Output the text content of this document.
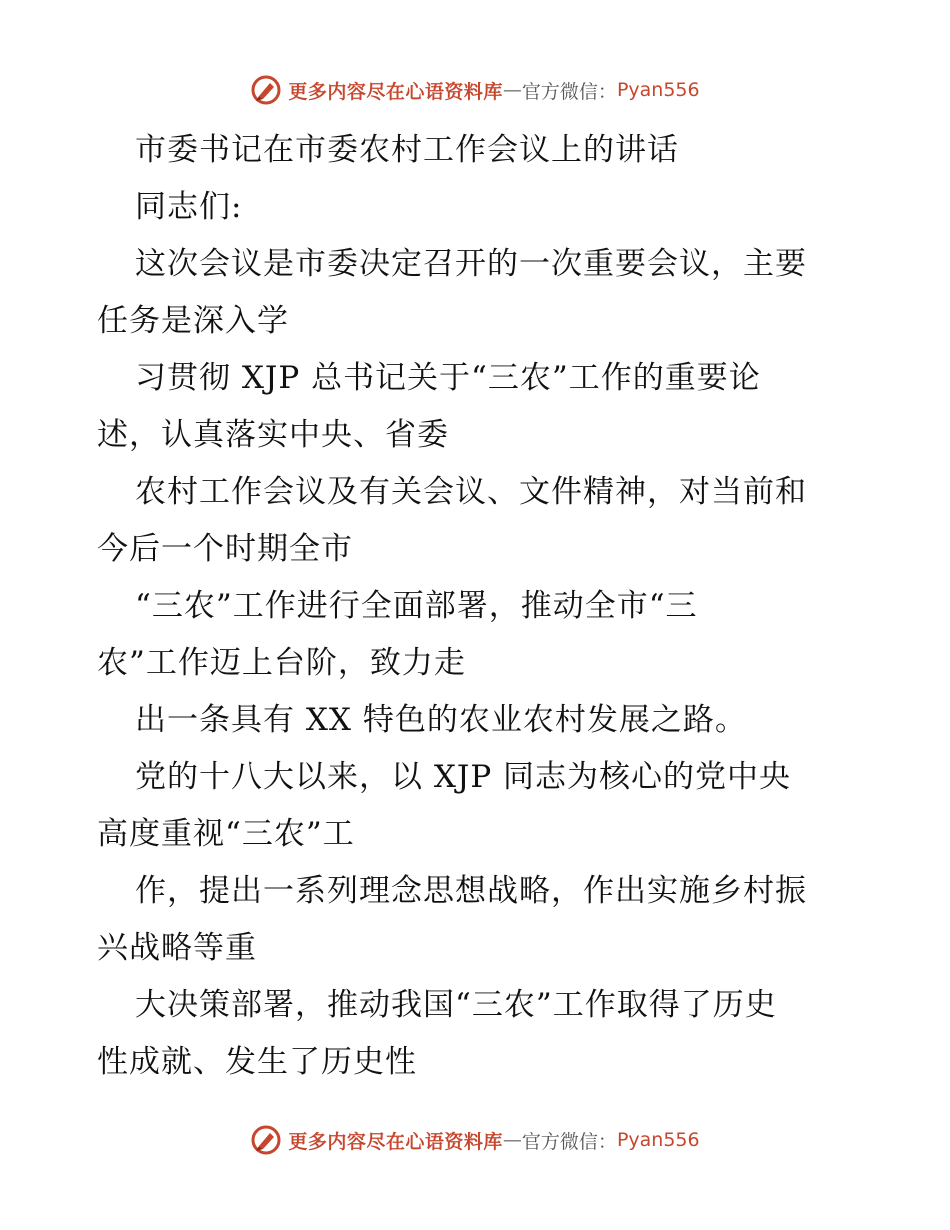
更多内容尽在心语资料库 — 官方微信： Pyan556
市委书记在市委农村工作会议上的讲话
同志们:
这次会议是市委决定召开的一次重要会议，主要
任务是深入学
习贯彻 XJP 总书记关于“三农”工作的重要论
述，认真落实中央、省委
农村工作会议及有关会议、文件精神，对当前和
今后一个时期全市
“三农”工作进行全面部署，推动全市“三
农”工作迈上台阶，致力走
出一条具有 XX 特色的农业农村发展之路。
党的十八大以来，以 XJP 同志为核心的党中央
高度重视“三农”工
作，提出一系列理念思想战略，作出实施乡村振
兴战略等重
大决策部署，推动我国“三农”工作取得了历史
性成就、发生了历史性
更多内容尽在心语资料库 — 官方微信： Pyan556
